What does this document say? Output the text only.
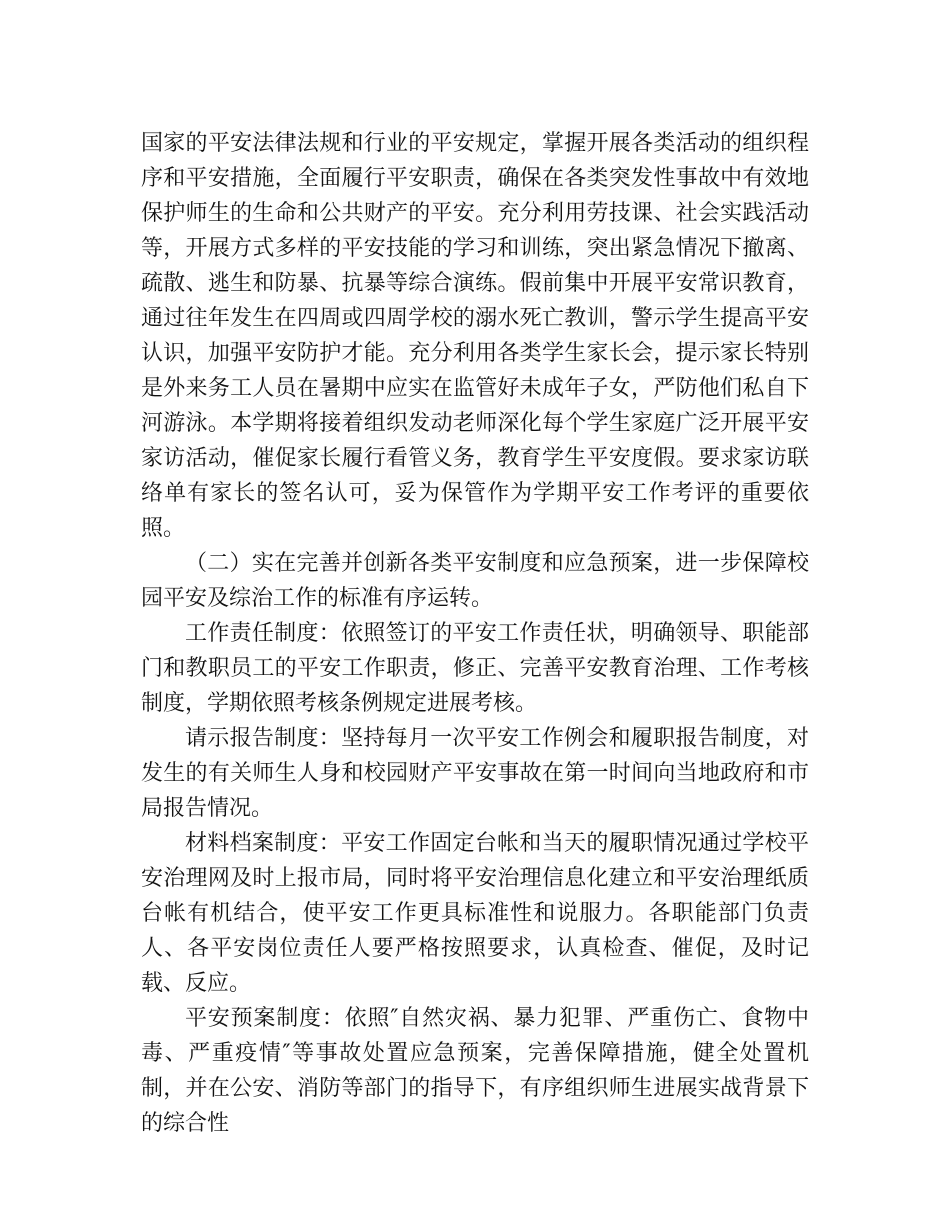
国家的平安法律法规和行业的平安规定，掌握开展各类活动的组织程序和平安措施，全面履行平安职责，确保在各类突发性事故中有效地保护师生的生命和公共财产的平安。充分利用劳技课、社会实践活动等，开展方式多样的平安技能的学习和训练，突出紧急情况下撤离、疏散、逃生和防暴、抗暴等综合演练。假前集中开展平安常识教育，通过往年发生在四周或四周学校的溺水死亡教训，警示学生提高平安认识，加强平安防护才能。充分利用各类学生家长会，提示家长特别是外来务工人员在暑期中应实在监管好未成年子女，严防他们私自下河游泳。本学期将接着组织发动老师深化每个学生家庭广泛开展平安家访活动，催促家长履行看管义务，教育学生平安度假。要求家访联络单有家长的签名认可，妥为保管作为学期平安工作考评的重要依照。

（二）实在完善并创新各类平安制度和应急预案，进一步保障校园平安及综治工作的标准有序运转。

工作责任制度：依照签订的平安工作责任状，明确领导、职能部门和教职员工的平安工作职责，修正、完善平安教育治理、工作考核制度，学期依照考核条例规定进展考核。

请示报告制度：坚持每月一次平安工作例会和履职报告制度，对发生的有关师生人身和校园财产平安事故在第一时间向当地政府和市局报告情况。

材料档案制度：平安工作固定台帐和当天的履职情况通过学校平安治理网及时上报市局，同时将平安治理信息化建立和平安治理纸质台帐有机结合，使平安工作更具标准性和说服力。各职能部门负责人、各平安岗位责任人要严格按照要求，认真检查、催促，及时记载、反应。

平安预案制度：依照″自然灾祸、暴力犯罪、严重伤亡、食物中毒、严重疫情″等事故处置应急预案，完善保障措施，健全处置机制，并在公安、消防等部门的指导下，有序组织师生进展实战背景下的综合性
